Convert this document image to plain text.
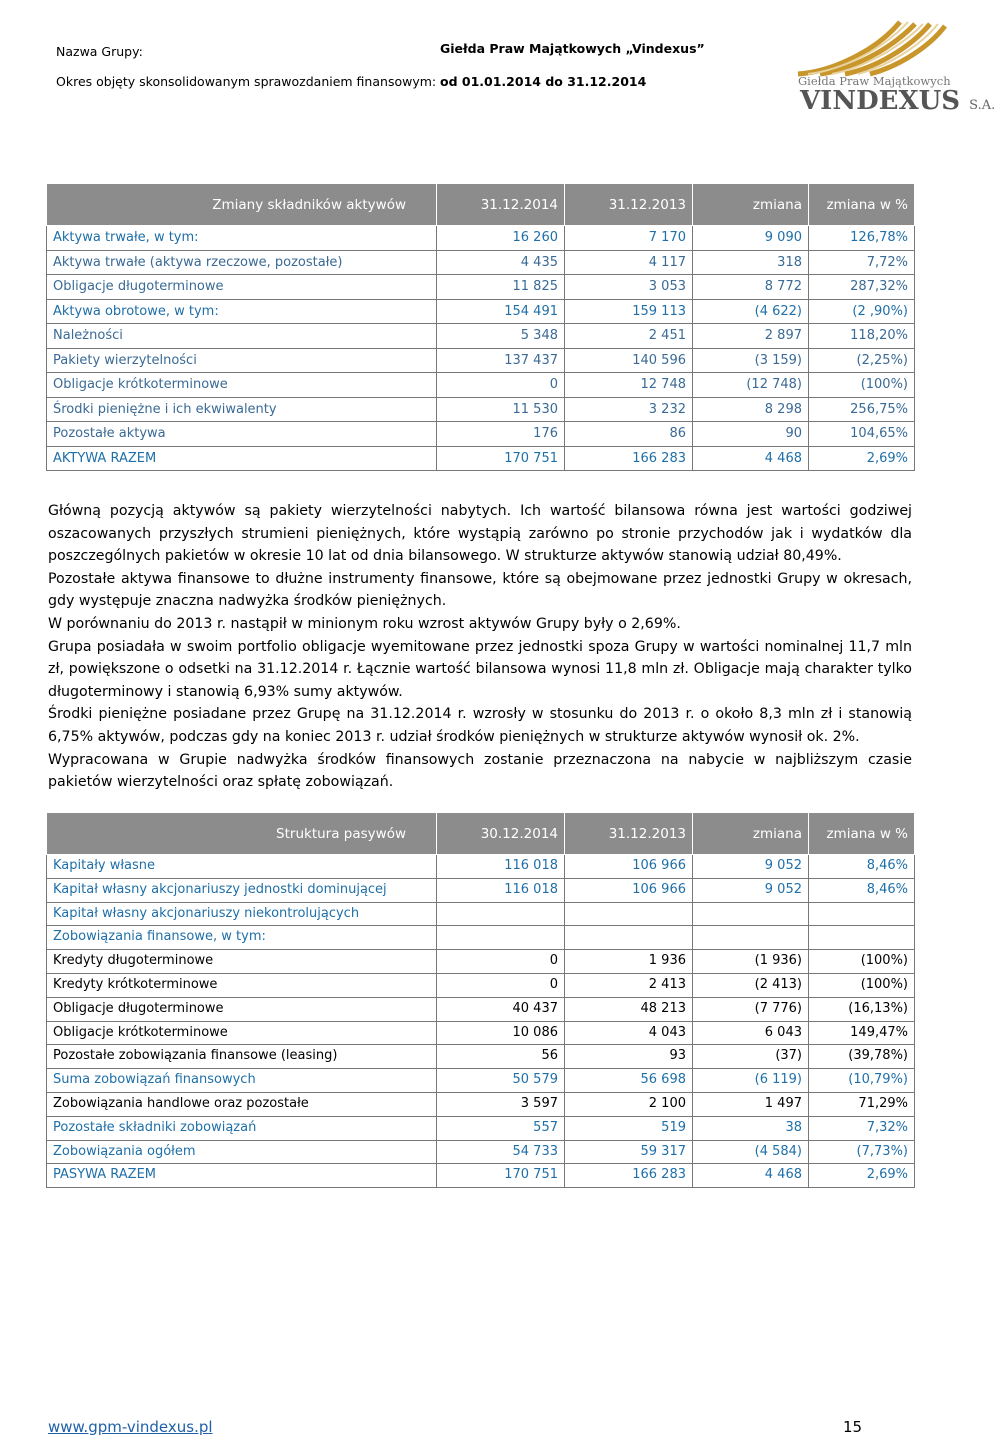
Nazwa Grupy:	Giełda Praw Majątkowych „Vindexus”
Okres objęty skonsolidowanym sprawozdaniem finansowym: od 01.01.2014 do 31.12.2014	Giełda Praw Majątkowych
VINDEXUS S.A.
Zmiany składników aktywów	31.12.2014	31.12.2013	zmiana	zmiana w %
Aktywa trwałe, w tym:	16 260	7 170	9 090	126,78%
Aktywa trwałe (aktywa rzeczowe, pozostałe)	4 435	4 117	318	7,72%
Obligacje długoterminowe	11 825	3 053	8 772	287,32%
Aktywa obrotowe, w tym:	154 491	159 113	(4 622)	(2 ,90%)
Należności	5 348	2 451	2 897	118,20%
Pakiety wierzytelności	137 437	140 596	(3 159)	(2,25%)
Obligacje krótkoterminowe	0	12 748	(12 748)	(100%)
Środki pieniężne i ich ekwiwalenty	11 530	3 232	8 298	256,75%
Pozostałe aktywa	176	86	90	104,65%
AKTYWA RAZEM	170 751	166 283	4 468	2,69%

Główną pozycją aktywów są pakiety wierzytelności nabytych. Ich wartość bilansowa równa jest wartości godziwej oszacowanych przyszłych strumieni pieniężnych, które wystąpią zarówno po stronie przychodów jak i wydatków dla poszczególnych pakietów w okresie 10 lat od dnia bilansowego. W strukturze aktywów stanowią udział 80,49%.

Pozostałe aktywa finansowe to dłużne instrumenty finansowe, które są obejmowane przez jednostki Grupy w okresach, gdy występuje znaczna nadwyżka środków pieniężnych.

W porównaniu do 2013 r. nastąpił w minionym roku wzrost aktywów Grupy były o 2,69%.

Grupa posiadała w swoim portfolio obligacje wyemitowane przez jednostki spoza Grupy w wartości nominalnej 11,7 mln zł, powiększone o odsetki na 31.12.2014 r. Łącznie wartość bilansowa wynosi 11,8 mln zł. Obligacje mają charakter tylko długoterminowy i stanowią 6,93% sumy aktywów.

Środki pieniężne posiadane przez Grupę na 31.12.2014 r. wzrosły w stosunku do 2013 r. o około 8,3 mln zł i stanowią 6,75% aktywów, podczas gdy na koniec 2013 r. udział środków pieniężnych w strukturze aktywów wynosił ok. 2%.

Wypracowana w Grupie nadwyżka środków finansowych zostanie przeznaczona na nabycie w najbliższym czasie pakietów wierzytelności oraz spłatę zobowiązań.

Struktura pasywów	30.12.2014	31.12.2013	zmiana	zmiana w %
Kapitały własne	116 018	106 966	9 052	8,46%
Kapitał własny akcjonariuszy jednostki dominującej	116 018	106 966	9 052	8,46%
Kapitał własny akcjonariuszy niekontrolujących				
Zobowiązania finansowe, w tym:				
Kredyty długoterminowe	0	1 936	(1 936)	(100%)
Kredyty krótkoterminowe	0	2 413	(2 413)	(100%)
Obligacje długoterminowe	40 437	48 213	(7 776)	(16,13%)
Obligacje krótkoterminowe	10 086	4 043	6 043	149,47%
Pozostałe zobowiązania finansowe (leasing)	56	93	(37)	(39,78%)
Suma zobowiązań finansowych	50 579	56 698	(6 119)	(10,79%)
Zobowiązania handlowe oraz pozostałe	3 597	2 100	1 497	71,29%
Pozostałe składniki zobowiązań	557	519	38	7,32%
Zobowiązania ogółem	54 733	59 317	(4 584)	(7,73%)
PASYWA RAZEM	170 751	166 283	4 468	2,69%
www.gpm-vindexus.pl	15
